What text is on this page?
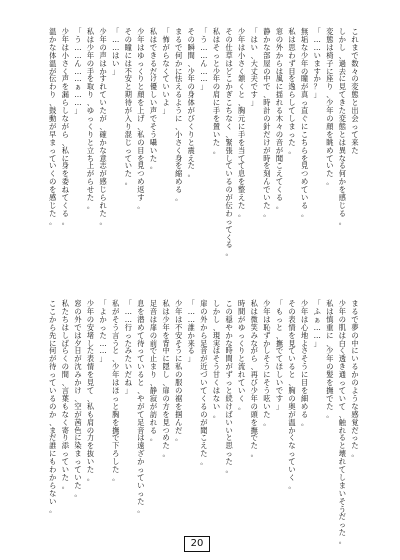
こ
れ
ま
で
数
々
の
変
態
と
出
会
っ
て
来
た
し
か
し
、
過
去
に
見
て
き
た
変
態
と
は
異
な
る
何
か
を
感
じ
る
。
変
態
は
椅
子
に
座
り
、
少
年
の
顔
を
眺
め
て
い
た
。
「
…
…
い
ま
す
か
？
」
無
垢
な
少
年
の
瞳
が
真
っ
直
ぐ
に
こ
ち
ら
を
見
つ
め
て
い
る
。
私
は
思
わ
ず
目
を
逸
ら
し
て
し
ま
っ
た
。
窓
の
外
か
ら
は
風
に
揺
れ
る
木
々
の
音
が
聞
こ
え
て
く
る
。
静
か
な
部
屋
の
中
で
、
時
計
の
針
だ
け
が
時
を
刻
ん
で
い
た
。
「
は
い
、
大
丈
夫
で
す
」
少
年
は
小
さ
く
頷
く
と
、
胸
元
に
手
を
当
て
て
息
を
整
え
た
。
そ
の
仕
草
は
ど
こ
か
ぎ
こ
ち
な
く
、
緊
張
し
て
い
る
の
が
伝
わ
っ
て
く
る
。
私
は
そ
っ
と
少
年
の
肩
に
手
を
置
い
た
。
「
う
…
…
ん
…
…
」
そ
の
瞬
間
、
少
年
の
身
体
が
び
く
り
と
震
え
た
。
ま
る
で
何
か
に
怯
え
る
よ
う
に
、
小
さ
く
身
を
縮
め
る
。
「
怖
が
ら
な
く
て
い
い
よ
」
私
は
で
き
る
だ
け
優
し
い
声
で
そ
う
囁
い
た
。
少
年
は
ゆ
っ
く
り
と
顔
を
上
げ
、
私
の
目
を
見
つ
め
返
す
。
そ
の
瞳
に
は
不
安
と
期
待
が
入
り
混
じ
っ
て
い
た
。
「
…
…
は
い
」
少
年
の
声
は
か
す
れ
て
い
た
が
、
確
か
な
意
志
が
感
じ
ら
れ
た
。
私
は
少
年
の
手
を
取
り
、
ゆ
っ
く
り
と
立
ち
上
が
ら
せ
た
。
「
う
…
…
ん
…
…
ぁ
…
…
」
少
年
は
小
さ
く
声
を
漏
ら
し
な
が
ら
、
私
に
身
を
委
ね
て
く
る
。
温
か
な
体
温
が
伝
わ
り
、
鼓
動
が
早
ま
っ
て
い
く
の
を
感
じ
た
。
ま
る
で
夢
の
中
に
い
る
か
の
よ
う
な
感
覚
だ
っ
た
。
少
年
の
肌
は
白
く
透
き
通
っ
て
い
て
、
触
れ
る
と
壊
れ
て
し
ま
い
そ
う
だ
っ
た
。
私
は
慎
重
に
、
少
年
の
髪
を
撫
で
た
。
「
ふ
ぁ
…
…
」
少
年
は
心
地
よ
さ
そ
う
に
目
を
細
め
る
。
そ
の
表
情
を
見
て
い
る
と
、
胸
の
奥
が
温
か
く
な
っ
て
い
く
。
「
も
っ
と
、
撫
で
て
ほ
し
い
で
す
」
少
年
は
恥
ず
か
し
そ
う
に
そ
う
呟
い
た
。
私
は
微
笑
み
な
が
ら
、
再
び
少
年
の
頭
を
撫
で
た
。
時
間
が
ゆ
っ
く
り
と
流
れ
て
い
く
。
こ
の
穏
や
か
な
時
間
が
ず
っ
と
続
け
ば
い
い
と
思
っ
た
。
し
か
し
、
現
実
は
そ
う
甘
く
は
な
い
。
扉
の
外
か
ら
足
音
が
近
づ
い
て
く
る
の
が
聞
こ
え
た
。
「
…
…
誰
か
来
る
」
少
年
は
不
安
そ
う
に
私
の
服
の
裾
を
掴
ん
だ
。
私
は
少
年
を
背
中
に
隠
し
、
扉
の
方
を
見
つ
め
た
。
足
音
は
扉
の
前
で
止
ま
り
、
静
寂
が
訪
れ
る
。
息
を
潜
め
て
待
っ
て
い
る
と
、
や
が
て
足
音
は
遠
ざ
か
っ
て
い
っ
た
。
「
…
…
行
っ
た
み
た
い
だ
ね
」
私
が
そ
う
言
う
と
、
少
年
は
ほ
っ
と
胸
を
撫
で
下
ろ
し
た
。
「
よ
か
っ
た
…
…
」
少
年
の
安
堵
し
た
表
情
を
見
て
、
私
も
肩
の
力
を
抜
い
た
。
窓
の
外
で
は
夕
日
が
沈
み
か
け
、
空
が
茜
色
に
染
ま
っ
て
い
た
。
私
た
ち
は
し
ば
ら
く
の
間
、
言
葉
も
な
く
寄
り
添
っ
て
い
た
。
こ
こ
か
ら
先
に
何
が
待
っ
て
い
る
の
か
、
ま
だ
誰
に
も
わ
か
ら
な
い
。
20
